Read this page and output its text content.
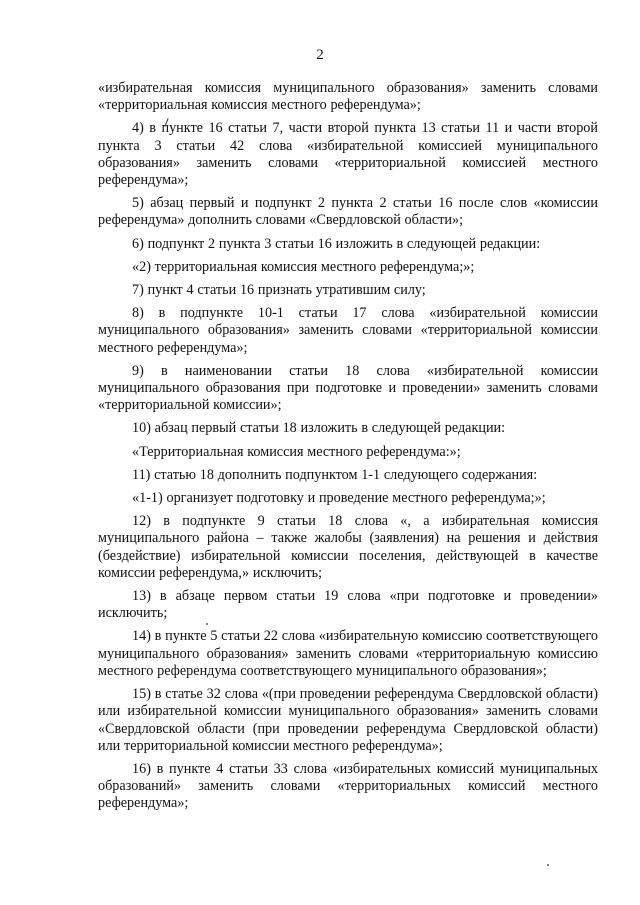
2

«избирательная комиссия муниципального образования» заменить словами «территориальная комиссия местного референдума»;

4) в пункте 16 статьи 7, части второй пункта 13 статьи 11 и части второй пункта 3 статьи 42 слова «избирательной комиссией муниципального образования» заменить словами «территориальной комиссией местного референдума»;

5) абзац первый и подпункт 2 пункта 2 статьи 16 после слов «комиссии референдума» дополнить словами «Свердловской области»;

6) подпункт 2 пункта 3 статьи 16 изложить в следующей редакции:

«2) территориальная комиссия местного референдума;»;

7) пункт 4 статьи 16 признать утратившим силу;

8) в подпункте 10-1 статьи 17 слова «избирательной комиссии муниципального образования» заменить словами «территориальной комиссии местного референдума»;

9) в наименовании статьи 18 слова «избирательной комиссии муниципального образования при подготовке и проведении» заменить словами «территориальной комиссии»;

10) абзац первый статьи 18 изложить в следующей редакции:

«Территориальная комиссия местного референдума:»;

11) статью 18 дополнить подпунктом 1-1 следующего содержания:

«1-1) организует подготовку и проведение местного референдума;»;

12) в подпункте 9 статьи 18 слова «, а избирательная комиссия муниципального района – также жалобы (заявления) на решения и действия (бездействие) избирательной комиссии поселения, действующей в качестве комиссии референдума,» исключить;

13) в абзаце первом статьи 19 слова «при подготовке и проведении» исключить;

14) в пункте 5 статьи 22 слова «избирательную комиссию соответствующего муниципального образования» заменить словами «территориальную комиссию местного референдума соответствующего муниципального образования»;

15) в статье 32 слова «(при проведении референдума Свердловской области) или избирательной комиссии муниципального образования» заменить словами «Свердловской области (при проведении референдума Свердловской области) или территориальной комиссии местного референдума»;

16) в пункте 4 статьи 33 слова «избирательных комиссий муниципальных образований» заменить словами «территориальных комиссий местного референдума»;
